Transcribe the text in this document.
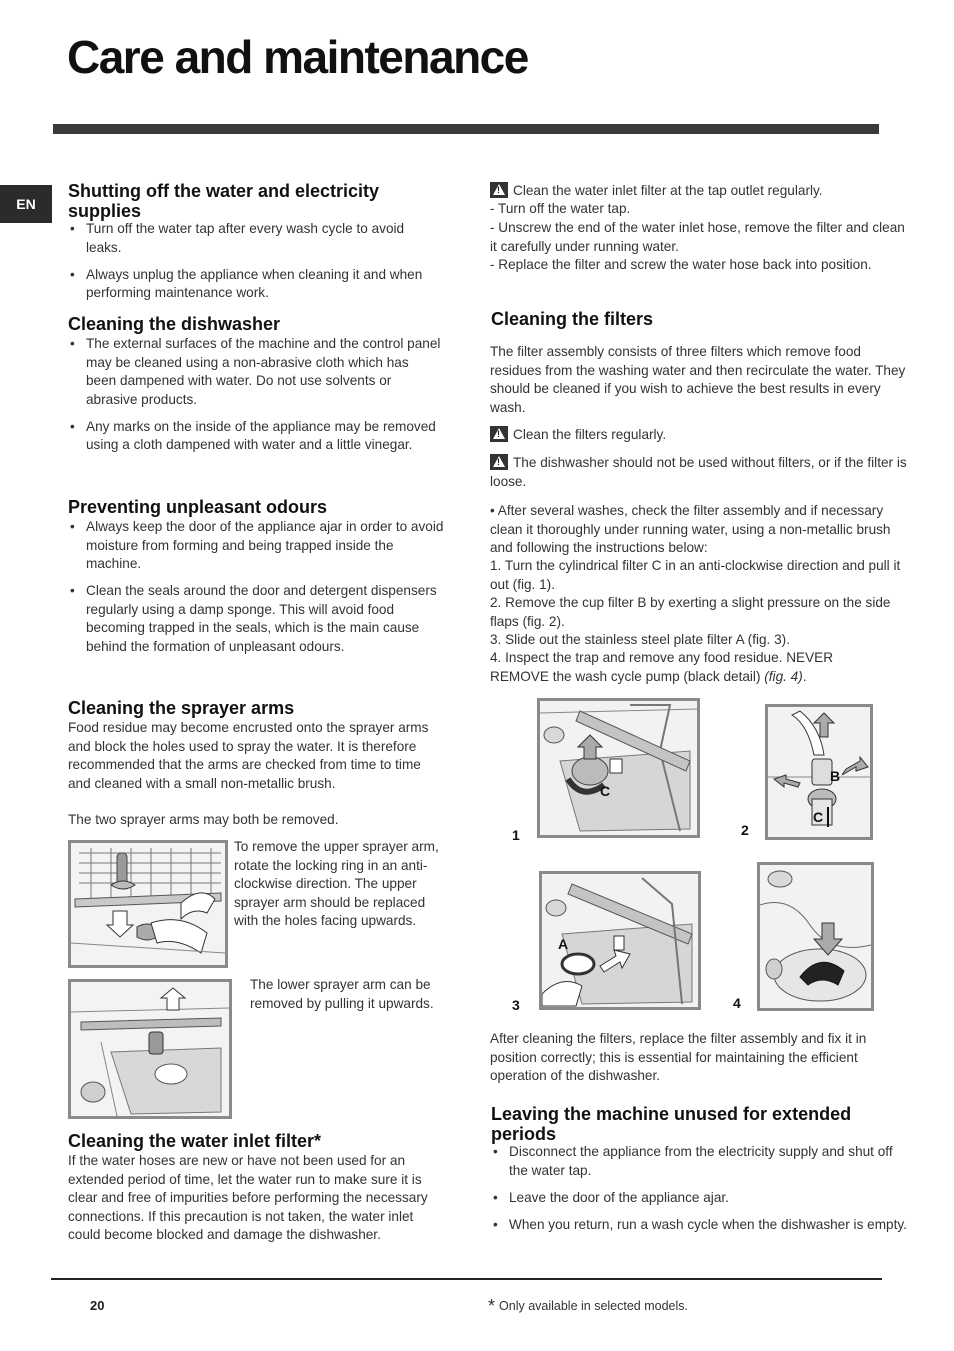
Care and maintenance
EN
Shutting off the water and electricity supplies
• Turn off the water tap after every wash cycle to avoid leaks.
• Always unplug the appliance when cleaning it and when performing maintenance work.
Cleaning the dishwasher
• The external surfaces of the machine and the control panel may be cleaned using a non-abrasive cloth which has been dampened with water. Do not use solvents or abrasive products.
• Any marks on the inside of the appliance may be removed using a cloth dampened with water and a little vinegar.
Preventing unpleasant odours
• Always keep the door of the appliance ajar in order to avoid moisture from forming and being trapped inside the machine.
• Clean the seals around the door and detergent dispensers regularly using a damp sponge. This will avoid food becoming trapped in the seals, which is the main cause behind the formation of unpleasant odours.
Cleaning the sprayer arms

Food residue may become encrusted onto the sprayer arms and block the holes used to spray the water. It is therefore recommended that the arms are checked from time to time and cleaned with a small non-metallic brush.

The two sprayer arms may both be removed.

To remove the upper sprayer arm, rotate the locking ring in an anti-clockwise direction. The upper sprayer arm should be replaced with the holes facing upwards.

The lower sprayer arm can be removed by pulling it upwards.

Cleaning the water inlet filter*

If the water hoses are new or have not been used for an extended period of time, let the water run to make sure it is clear and free of impurities before performing the necessary connections. If this precaution is not taken, the water inlet could become blocked and damage the dishwasher.

!Clean the water inlet filter at the tap outlet regularly.

- Turn off the water tap.

- Unscrew the end of the water inlet hose, remove the filter and clean it carefully under running water.

- Replace the filter and screw the water hose back into position.

Cleaning the filters

The filter assembly consists of three filters which remove food residues from the washing water and then recirculate the water. They should be cleaned if you wish to achieve the best results in every wash.

!Clean the filters regularly.

!The dishwasher should not be used without filters, or if the filter is loose.

• After several washes, check the filter assembly and if necessary clean it thoroughly under running water, using a non-metallic brush and following the instructions below:

1. Turn the cylindrical filter C in an anti-clockwise direction and pull it out (fig. 1).

2. Remove the cup filter B by exerting a slight pressure on the side flaps (fig. 2).

3. Slide out the stainless steel plate filter A (fig. 3).

4. Inspect the trap and remove any food residue. NEVER REMOVE the wash cycle pump (black detail) (fig. 4).

C
1
B
C
2
A
3	4

After cleaning the filters, replace the filter assembly and fix it in position correctly; this is essential for maintaining the efficient operation of the dishwasher.

Leaving the machine unused for extended periods
• Disconnect the appliance from the electricity supply and shut off the water tap.
• Leave the door of the appliance ajar.
• When you return, run a wash cycle when the dishwasher is empty.
20	* Only available in selected models.
